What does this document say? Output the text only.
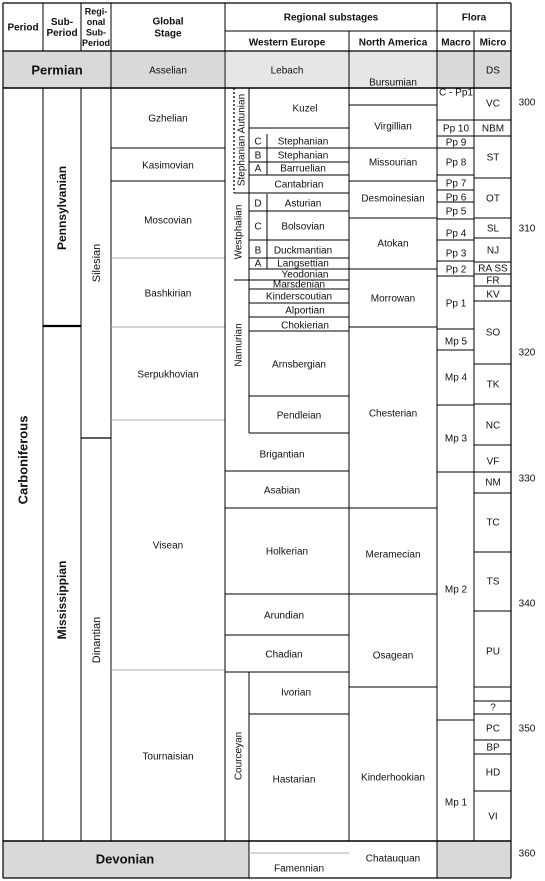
Period	Sub-Period
Regi-onal Sub-Period
Global Stage
Regional substages
Western Europe	North America
Flora
Macro Micro
Permian
Devonian
Carboniferous
Pennsylvanian
Mississippian
Silesian
Dinantian
Asselian
Gzhelian
Kasimovian
Moscovian
Bashkirian
Serpukhovian
Visean
Tournaisian
Stephanian Autunian
Westphalian
Namurian
Courceyan
C
B
A
D
C
B
A
Lebach
Kuzel
Stephanian
Stephanian
Barruelian
Cantabrian
Asturian
Bolsovian
Duckmantian
Langsettian
Yeodonian
Marsdenian
Kinderscoutian
Alportian
Chokierian
Arnsbergian
Pendleian
Brigantian
Asabian
Holkerian
Arundian
Chadian
Ivorian
Hastarian
Famennian
Bursumian
Virgillian
Missourian
Desmoinesian
Atokan
Morrowan
Chesterian
Meramecian
Osagean
Kinderhookian
Chatauquan
C - Pp1
Pp 10
Pp 9
Pp 8
Pp 7
Pp 6
Pp 5
Pp 4
Pp 3
Pp 2
Pp 1
Mp 5
Mp 4
Mp 3
Mp 2
Mp 1
DS
VC
NBM
ST
OT
SL
NJ
RA SS
FR
KV
SO
TK
NC
VF
NM
TC
TS
PU
?
PC
BP
HD
VI
300
310
320
330
340
350
360
